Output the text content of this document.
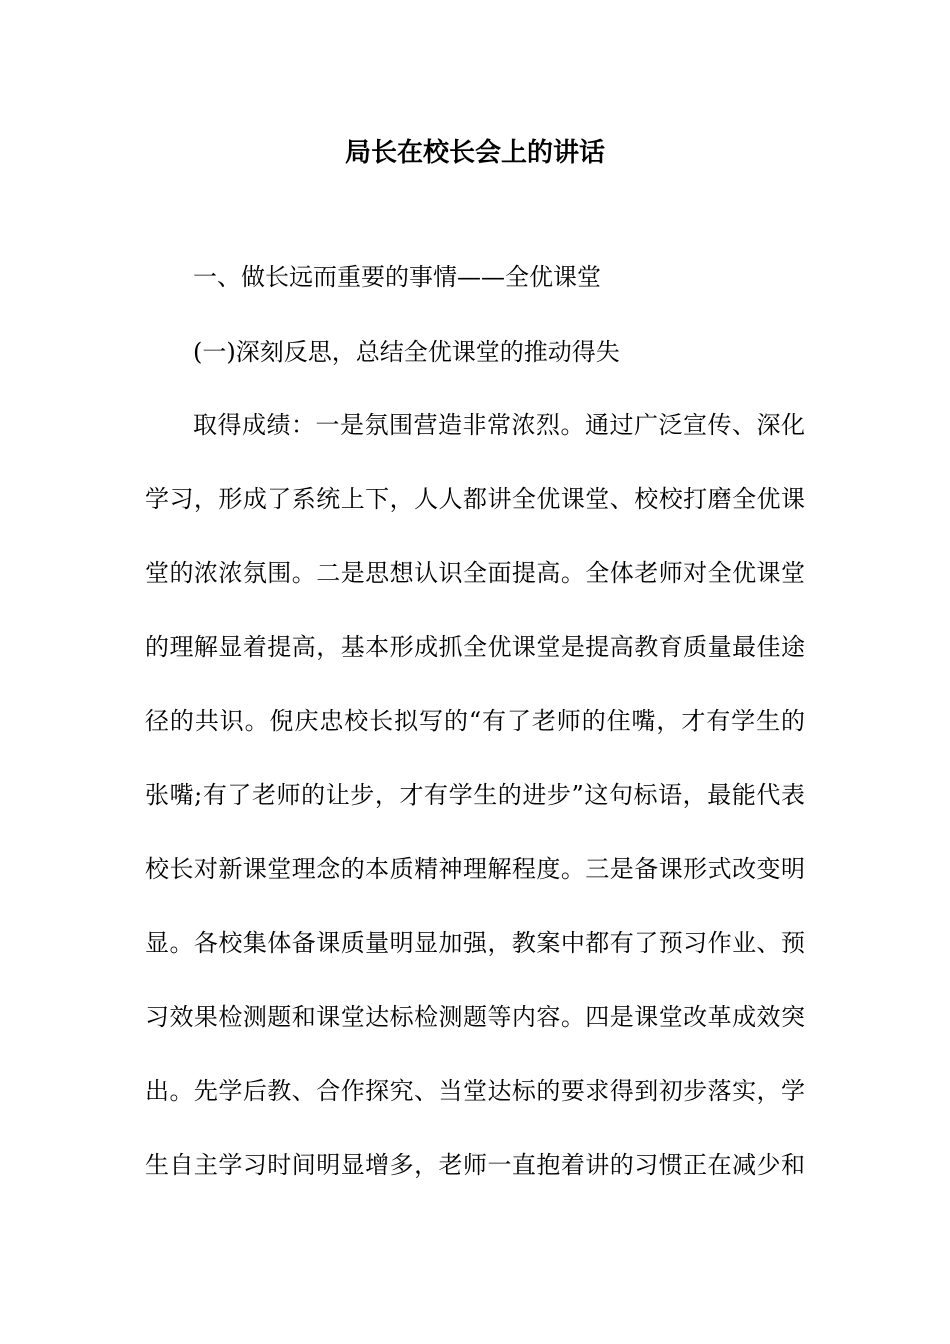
局长在校长会上的讲话

一、做长远而重要的事情——全优课堂

(一)深刻反思，总结全优课堂的推动得失

取得成绩：一是氛围营造非常浓烈。通过广泛宣传、深化
学习，形成了系统上下，人人都讲全优课堂、校校打磨全优课
堂的浓浓氛围。二是思想认识全面提高。全体老师对全优课堂
的理解显着提高，基本形成抓全优课堂是提高教育质量最佳途
径的共识。倪庆忠校长拟写的“有了老师的住嘴，才有学生的
张嘴;有了老师的让步，才有学生的进步”这句标语，最能代表
校长对新课堂理念的本质精神理解程度。三是备课形式改变明
显。各校集体备课质量明显加强，教案中都有了预习作业、预
习效果检测题和课堂达标检测题等内容。四是课堂改革成效突
出。先学后教、合作探究、当堂达标的要求得到初步落实，学
生自主学习时间明显增多，老师一直抱着讲的习惯正在减少和
